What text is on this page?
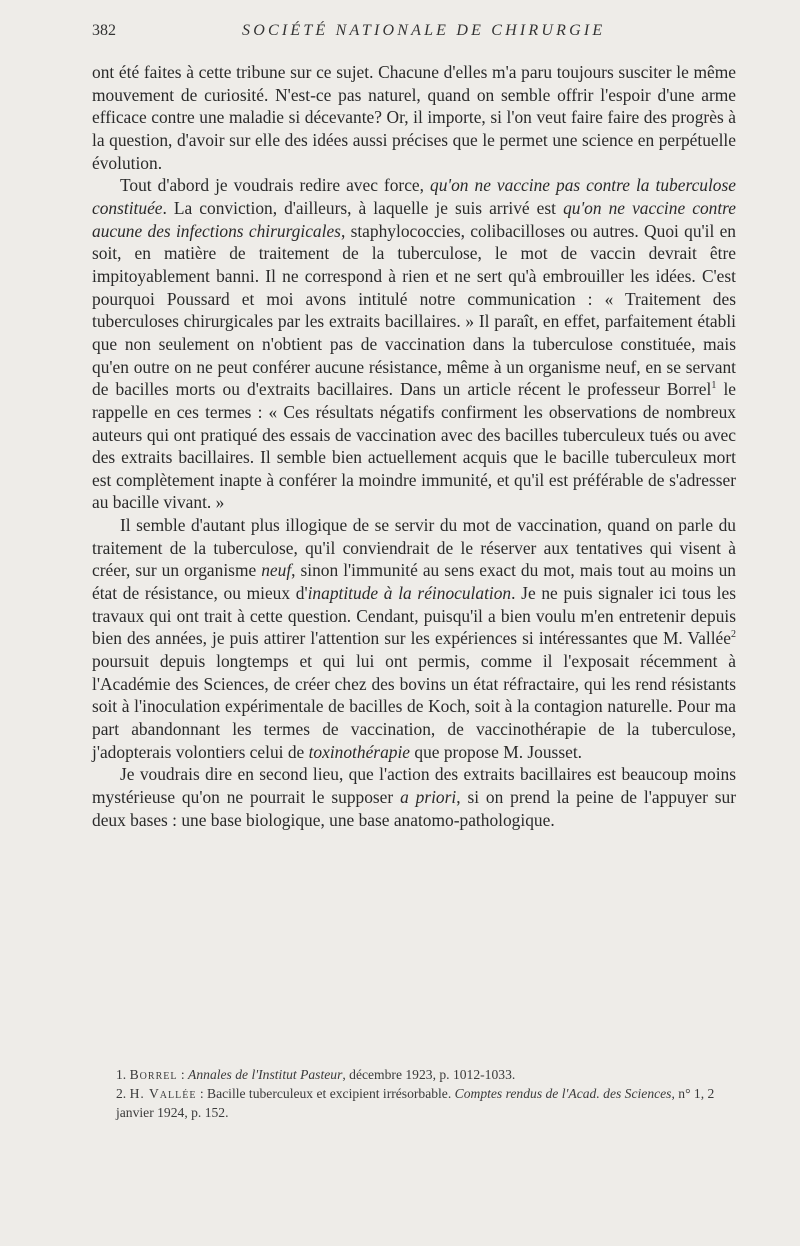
382	SOCIÉTÉ NATIONALE DE CHIRURGIE

ont été faites à cette tribune sur ce sujet. Chacune d'elles m'a paru toujours susciter le même mouvement de curiosité. N'est-ce pas naturel, quand on semble offrir l'espoir d'une arme efficace contre une maladie si décevante? Or, il importe, si l'on veut faire faire des progrès à la question, d'avoir sur elle des idées aussi précises que le permet une science en perpétuelle évolution.

Tout d'abord je voudrais redire avec force, qu'on ne vaccine pas contre la tuberculose constituée. La conviction, d'ailleurs, à laquelle je suis arrivé est qu'on ne vaccine contre aucune des infections chirurgicales, staphylococcies, colibacilloses ou autres. Quoi qu'il en soit, en matière de traitement de la tuberculose, le mot de vaccin devrait être impitoyablement banni. Il ne correspond à rien et ne sert qu'à embrouiller les idées. C'est pourquoi Poussard et moi avons intitulé notre communication : « Traitement des tuberculoses chirurgicales par les extraits bacillaires. » Il paraît, en effet, parfaitement établi que non seulement on n'obtient pas de vaccination dans la tuberculose constituée, mais qu'en outre on ne peut conférer aucune résistance, même à un organisme neuf, en se servant de bacilles morts ou d'extraits bacillaires. Dans un article récent le professeur Borrel$^1$ le rappelle en ces termes : « Ces résultats négatifs confirment les observations de nombreux auteurs qui ont pratiqué des essais de vaccination avec des bacilles tuberculeux tués ou avec des extraits bacillaires. Il semble bien actuellement acquis que le bacille tuberculeux mort est complètement inapte à conférer la moindre immunité, et qu'il est préférable de s'adresser au bacille vivant. »

Il semble d'autant plus illogique de se servir du mot de vaccination, quand on parle du traitement de la tuberculose, qu'il conviendrait de le réserver aux tentatives qui visent à créer, sur un organisme neuf, sinon l'immunité au sens exact du mot, mais tout au moins un état de résistance, ou mieux d'inaptitude à la réinoculation. Je ne puis signaler ici tous les travaux qui ont trait à cette question. Cendant, puisqu'il a bien voulu m'en entretenir depuis bien des années, je puis attirer l'attention sur les expériences si intéressantes que M. Vallée$^2$ poursuit depuis longtemps et qui lui ont permis, comme il l'exposait récemment à l'Académie des Sciences, de créer chez des bovins un état réfractaire, qui les rend résistants soit à l'inoculation expérimentale de bacilles de Koch, soit à la contagion naturelle. Pour ma part abandonnant les termes de vaccination, de vaccinothérapie de la tuberculose, j'adopterais volontiers celui de toxinothérapie que propose M. Jousset.

Je voudrais dire en second lieu, que l'action des extraits bacillaires est beaucoup moins mystérieuse qu'on ne pourrait le supposer a priori, si on prend la peine de l'appuyer sur deux bases : une base biologique, une base anatomo-pathologique.

1. Borrel : Annales de l'Institut Pasteur, décembre 1923, p. 1012-1033.

2. H. Vallée : Bacille tuberculeux et excipient irrésorbable. Comptes rendus de l'Acad. des Sciences, n° 1, 2 janvier 1924, p. 152.
